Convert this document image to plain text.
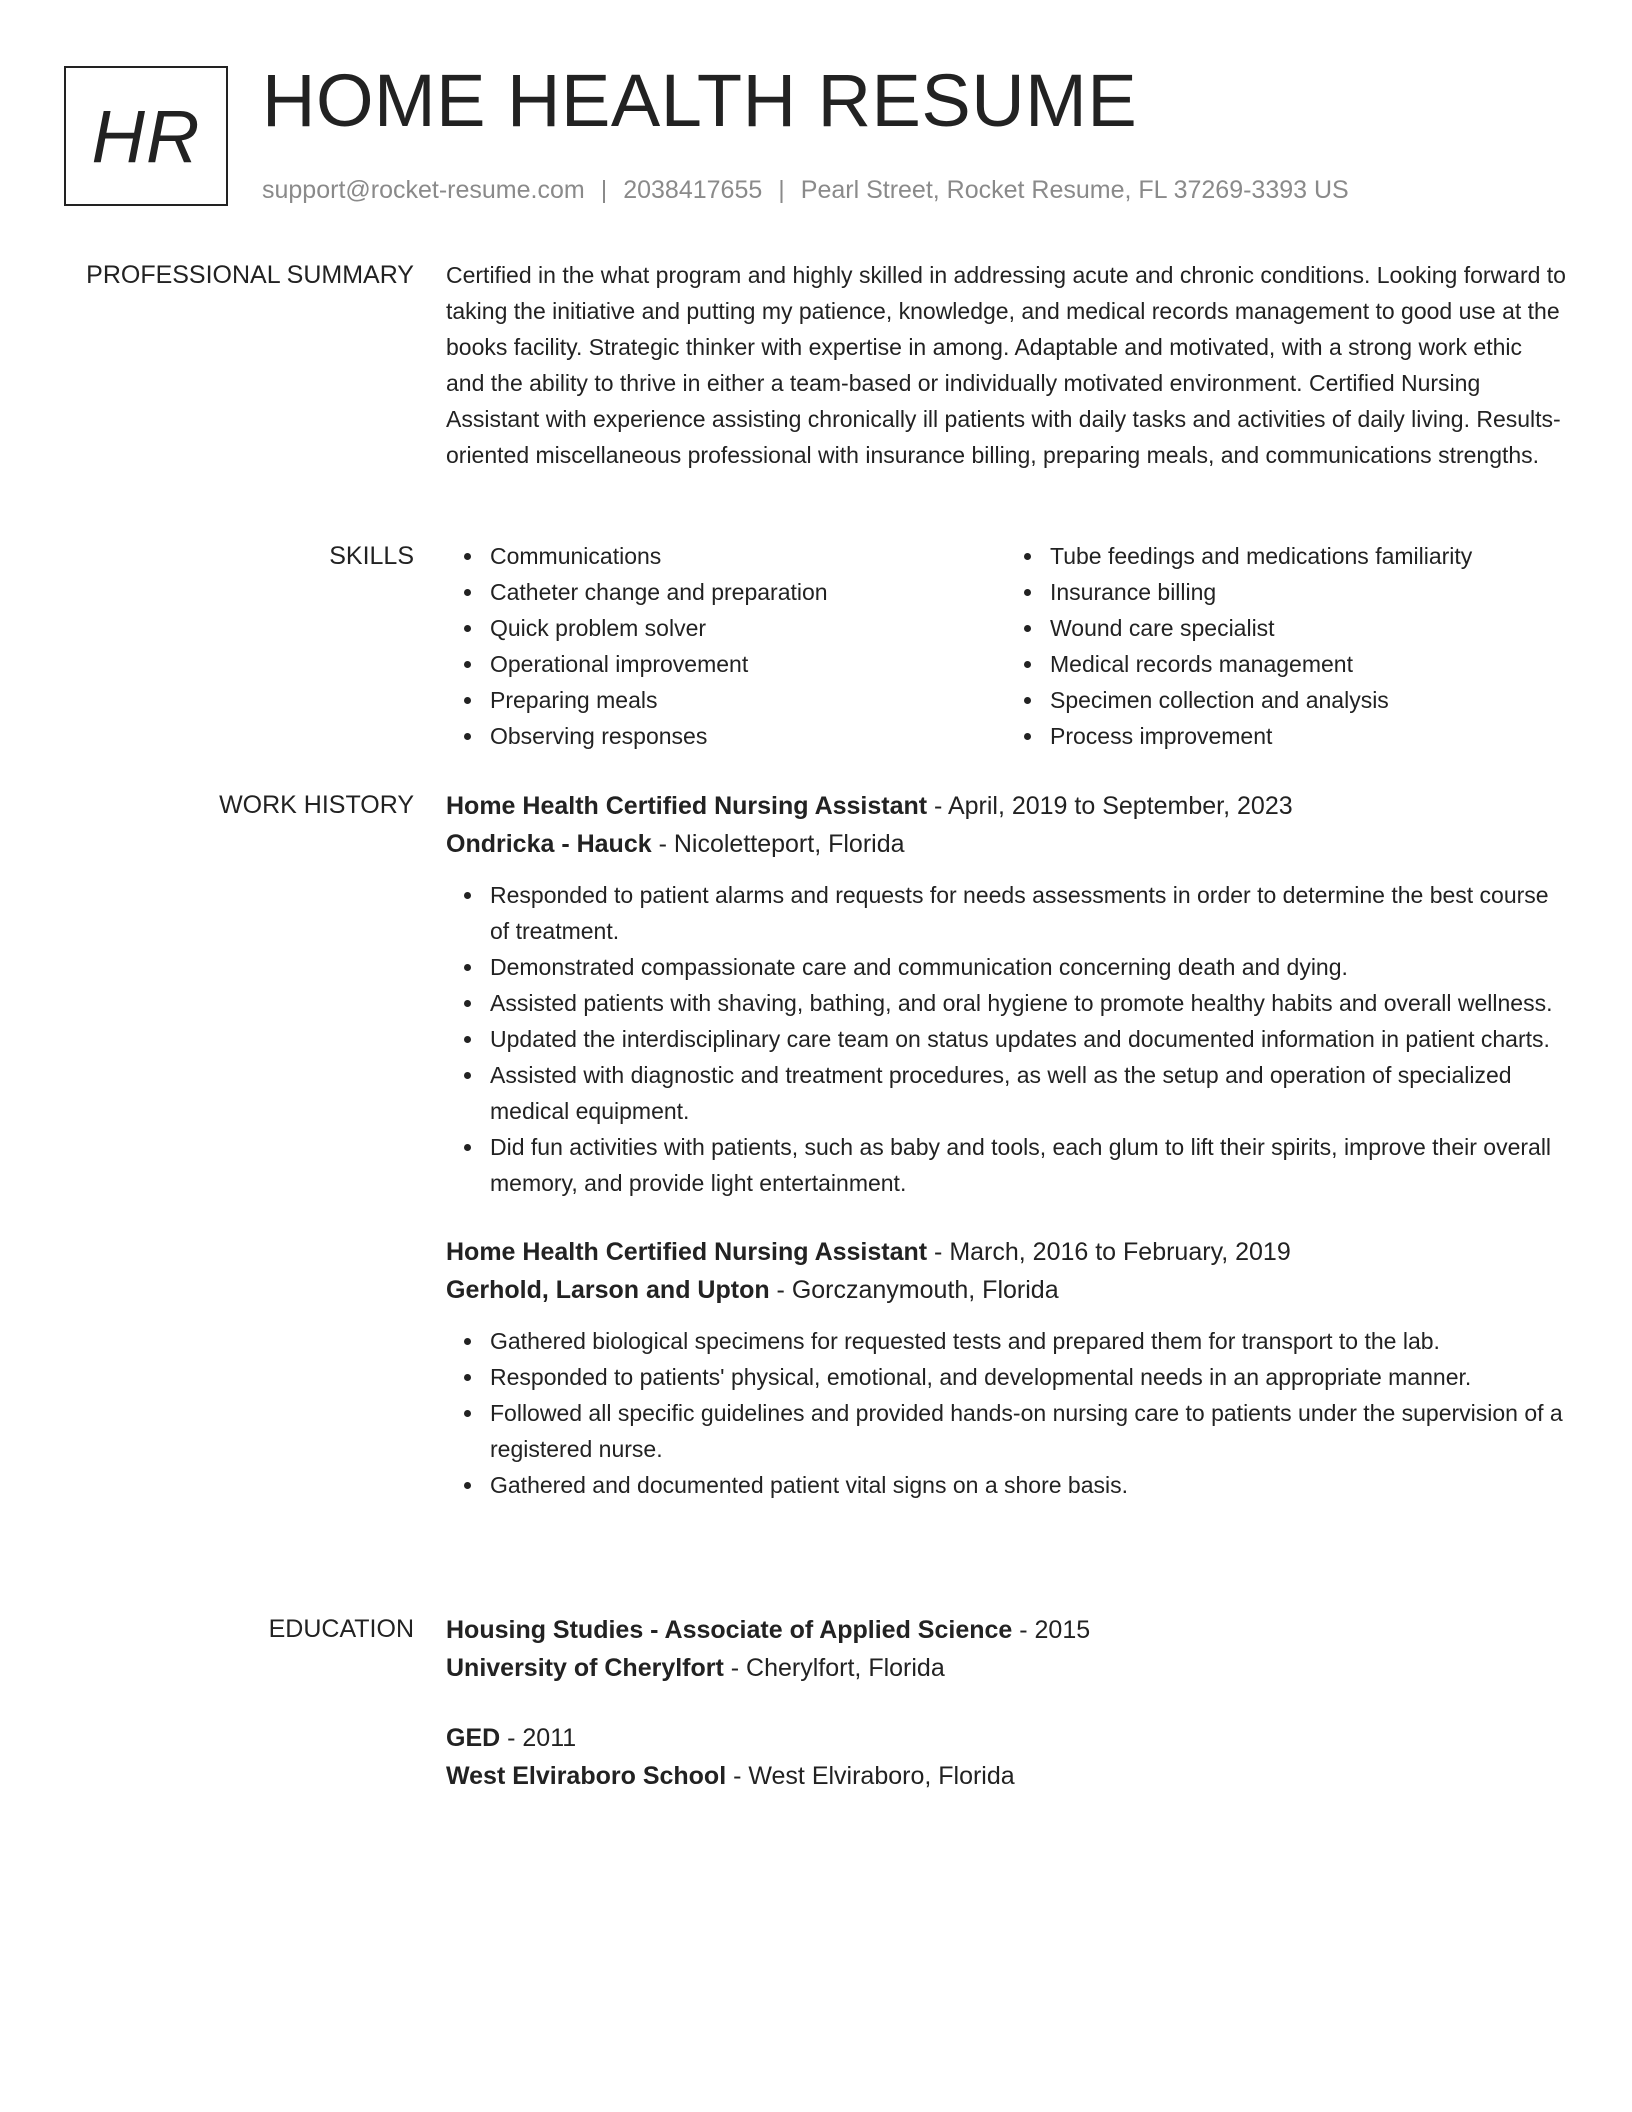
HR HOME HEALTH RESUME
support@rocket-resume.com | 2038417655 | Pearl Street, Rocket Resume, FL 37269-3393 US
PROFESSIONAL SUMMARY Certified in the what program and highly skilled in addressing acute and chronic conditions. Looking forward to taking the initiative and putting my patience, knowledge, and medical records management to good use at the books facility. Strategic thinker with expertise in among. Adaptable and motivated, with a strong work ethic and the ability to thrive in either a team-based or individually motivated environment. Certified Nursing Assistant with experience assisting chronically ill patients with daily tasks and activities of daily living. Results-oriented miscellaneous professional with insurance billing, preparing meals, and communications strengths.

SKILLS	Communications
Catheter change and preparation
Quick problem solver
Operational improvement
Preparing meals
Observing responses
Tube feedings and medications familiarity
Insurance billing
Wound care specialist
Medical records management
Specimen collection and analysis
Process improvement
WORK HISTORY Home Health Certified Nursing Assistant - April, 2019 to September, 2023
Ondricka - Hauck - Nicoletteport, Florida
Responded to patient alarms and requests for needs assessments in order to determine the best course of treatment.
Demonstrated compassionate care and communication concerning death and dying.
Assisted patients with shaving, bathing, and oral hygiene to promote healthy habits and overall wellness.
Updated the interdisciplinary care team on status updates and documented information in patient charts.
Assisted with diagnostic and treatment procedures, as well as the setup and operation of specialized medical equipment.
Did fun activities with patients, such as baby and tools, each glum to lift their spirits, improve their overall memory, and provide light entertainment.
Home Health Certified Nursing Assistant - March, 2016 to February, 2019
Gerhold, Larson and Upton - Gorczanymouth, Florida
Gathered biological specimens for requested tests and prepared them for transport to the lab.
Responded to patients' physical, emotional, and developmental needs in an appropriate manner.
Followed all specific guidelines and provided hands-on nursing care to patients under the supervision of a registered nurse.
Gathered and documented patient vital signs on a shore basis.
EDUCATION Housing Studies - Associate of Applied Science - 2015
University of Cherylfort - Cherylfort, Florida
GED - 2011
West Elviraboro School - West Elviraboro, Florida
